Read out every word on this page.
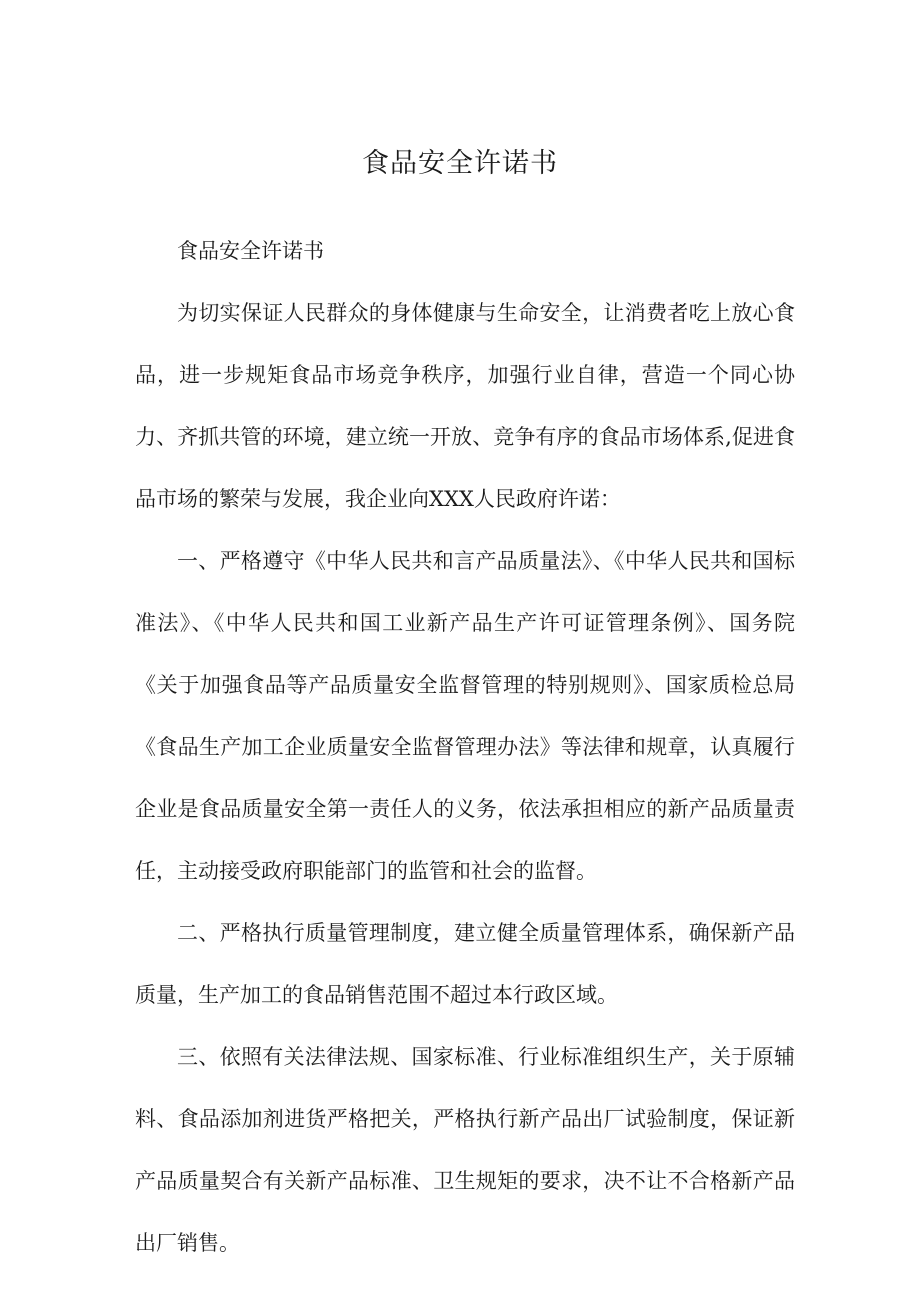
食品安全许诺书

食品安全许诺书

为切实保证人民群众的身体健康与生命安全，让消费者吃上放心食品，进一步规矩食品市场竞争秩序，加强行业自律，营造一个同心协力、齐抓共管的环境，建立统一开放、竞争有序的食品市场体系,促进食品市场的繁荣与发展，我企业向XXX人民政府许诺：

一、严格遵守《中华人民共和言产品质量法》、《中华人民共和国标准法》、《中华人民共和国工业新产品生产许可证管理条例》、国务院《关于加强食品等产品质量安全监督管理的特别规则》、国家质检总局《食品生产加工企业质量安全监督管理办法》等法律和规章，认真履行企业是食品质量安全第一责任人的义务，依法承担相应的新产品质量责任，主动接受政府职能部门的监管和社会的监督。

二、严格执行质量管理制度，建立健全质量管理体系，确保新产品质量，生产加工的食品销售范围不超过本行政区域。

三、依照有关法律法规、国家标准、行业标准组织生产，关于原辅料、食品添加剂进货严格把关，严格执行新产品出厂试验制度，保证新产品质量契合有关新产品标准、卫生规矩的要求，决不让不合格新产品出厂销售。
